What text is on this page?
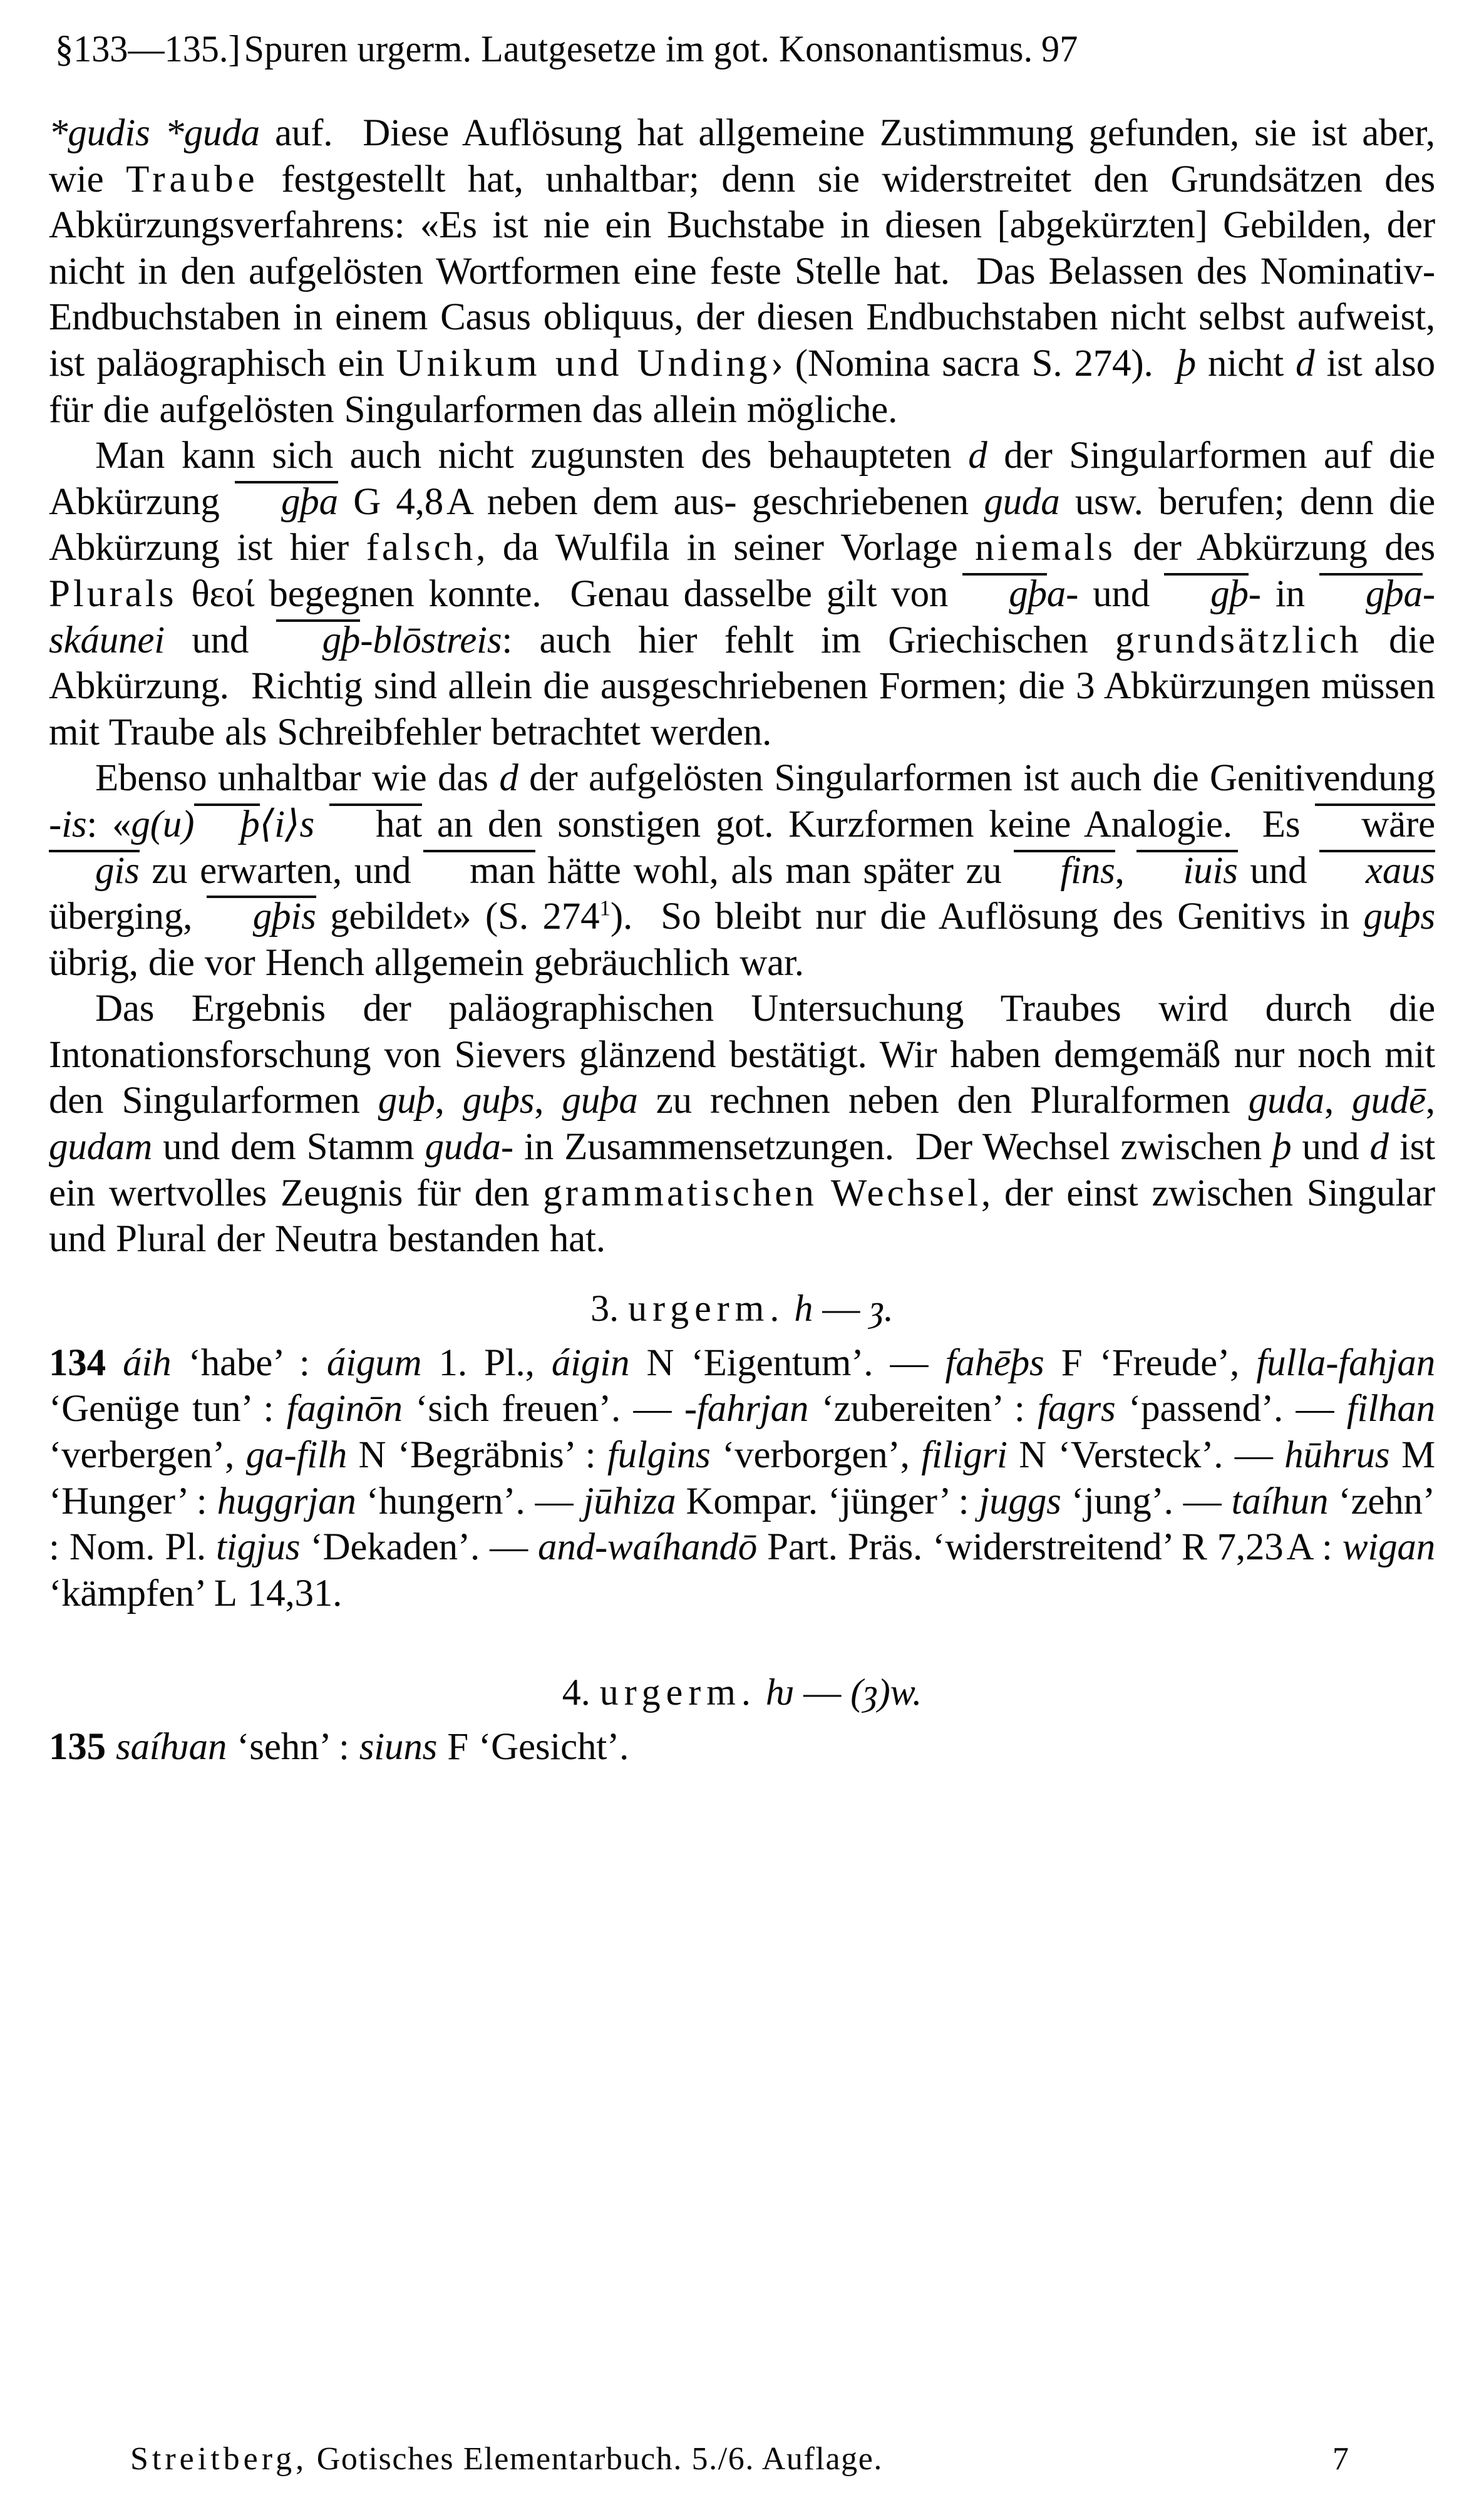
§133—135.]Spuren urgerm. Lautgesetze im got. Konsonantismus. 97

*gudis *guda auf.  Diese Auflösung hat allgemeine Zustimmung gefunden, sie ist aber, wie Traube festgestellt hat, unhaltbar; denn sie widerstreitet den Grundsätzen des Abkürzungsverfahrens: «Es ist nie ein Buchstabe in diesen [abgekürzten] Gebilden, der nicht in den aufgelösten Wortformen eine feste Stelle hat.  Das Belassen des Nominativ-Endbuchstaben in einem Casus obliquus, der diesen Endbuchstaben nicht selbst aufweist, ist paläographisch ein Unikum und Unding› (Nomina sacra S. 274).  þ nicht d ist also für die aufgelösten Singularformen das allein mögliche.

Man kann sich auch nicht zugunsten des behaupteten d der Singularformen auf die Abkürzung gþa G 4,8 A neben dem aus- geschriebenen guda usw. berufen; denn die Abkürzung ist hier falsch, da Wulfila in seiner Vorlage niemals der Abkürzung des Plurals θεοί begegnen konnte.  Genau dasselbe gilt von gþa- und gþ- in gþa-skáunei und gþ-blōstreis: auch hier fehlt im Griechischen grundsätzlich die Abkürzung.  Richtig sind allein die ausgeschriebenen Formen; die 3 Abkürzungen müssen mit Traube als Schreibfehler betrachtet werden.

Ebenso unhaltbar wie das d der aufgelösten Singularformen ist auch die Genitivendung -is: «g(u) þ⟨i⟩s hat an den sonstigen got. Kurzformen keine Analogie.  Es wäre gis zu erwarten, und man hätte wohl, als man später zu fins, iuis und xaus überging, gþis gebildet» (S. $274^1$).  So bleibt nur die Auflösung des Genitivs in guþs übrig, die vor Hench allgemein gebräuchlich war.

Das Ergebnis der paläographischen Untersuchung Traubes wird durch die Intonationsforschung von Sievers glänzend bestätigt. Wir haben demgemäß nur noch mit den Singularformen guþ, guþs, guþa zu rechnen neben den Pluralformen guda, gudē, gudam und dem Stamm guda- in Zusammensetzungen.  Der Wechsel zwischen þ und d ist ein wertvolles Zeugnis für den grammatischen Wechsel, der einst zwischen Singular und Plural der Neutra bestanden hat.

3. urgerm. h — ȝ.

134 áih ‘habe’ : áigum 1. Pl., áigin N ‘Eigentum’. — fahēþs F ‘Freude’, fulla-fahjan ‘Genüge tun’ : faginōn ‘sich freuen’. — -fahrjan ‘zubereiten’ : fagrs ‘passend’. — filhan ‘verbergen’, ga-filh N ‘Begräbnis’ : fulgins ‘verborgen’, filigri N ‘Versteck’. — hūhrus M ‘Hunger’ : huggrjan ‘hungern’. — jūhiza Kompar. ‘jünger’ : juggs ‘jung’. — taíhun ‘zehn’ : Nom. Pl. tigjus ‘Dekaden’. — and-waíhandō Part. Präs. ‘widerstreitend’ R 7,23 A : wigan ‘kämpfen’ L 14,31.

4. urgerm. ƕ — (ȝ)w.

135 saíƕan ‘sehn’ : siuns F ‘Gesicht’.

Streitberg, Gotisches Elementarbuch. 5./6. Auflage.	7
